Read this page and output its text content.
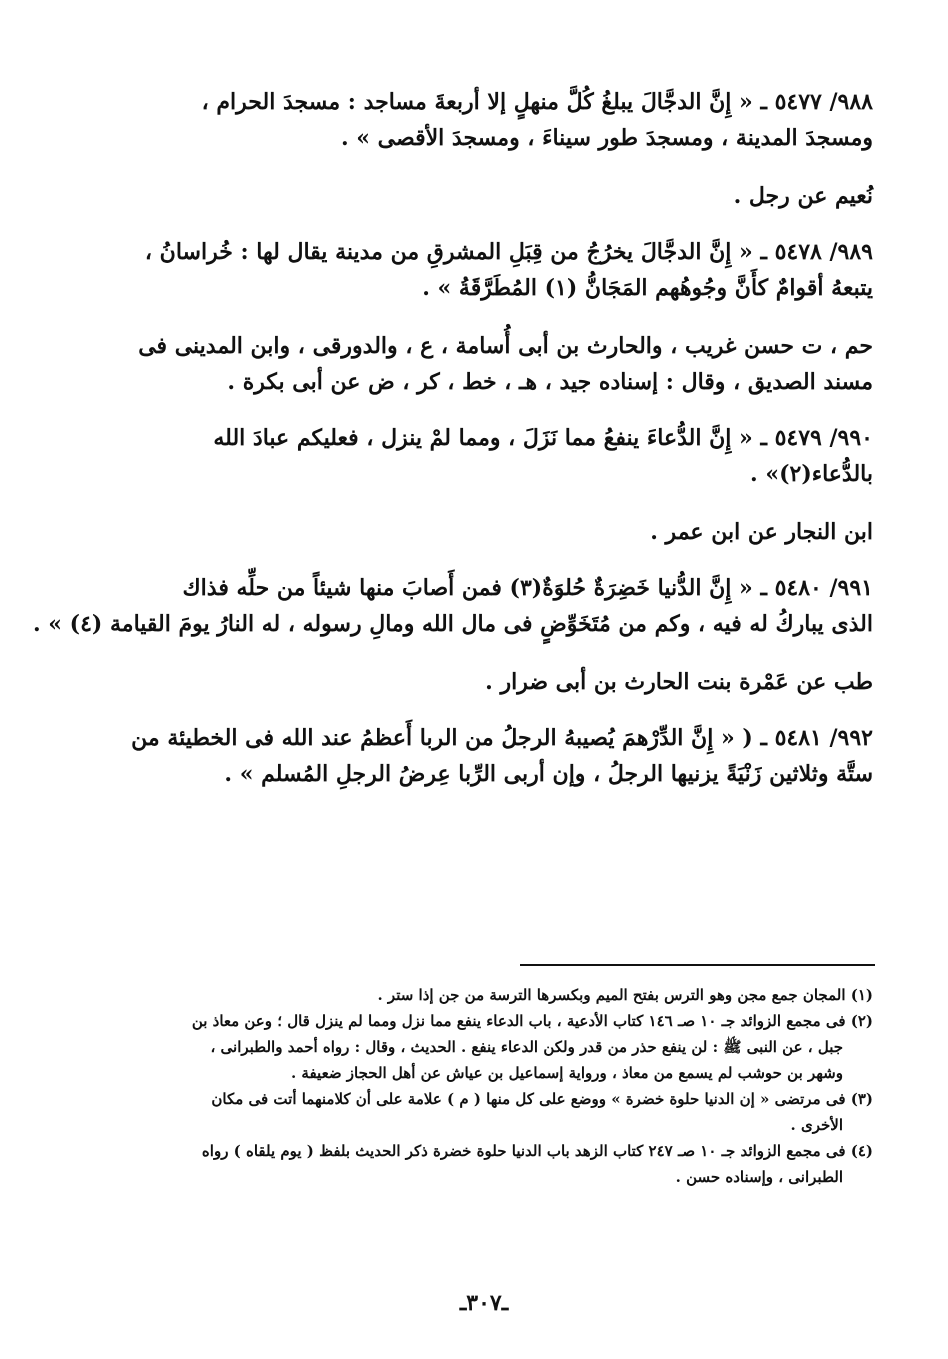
٩٨٨/ ٥٤٧٧ ـ « إِنَّ الدجَّالَ يبلغُ كُلَّ منهلٍ إلا أربعةَ مساجد : مسجدَ الحرام ،
ومسجدَ المدينة ، ومسجدَ طور سيناءَ ، ومسجدَ الأقصى » .

نُعيم عن رجل .

٩٨٩/ ٥٤٧٨ ـ « إِنَّ الدجَّالَ يخرُجُ من قِبَلِ المشرقِ من مدينة يقال لها : خُراسانُ ،
يتبعهُ أقوامٌ كأَنَّ وجُوهُهم المَجَانُّ (١) المُطَرَّقَةُ » .

حم ، ت حسن غريب ، والحارث بن أبى أُسامة ، ع ، والدورقى ، وابن المدينى فى
مسند الصديق ، وقال : إسناده جيد ، هـ ، خط ، كر ، ض عن أبى بكرة .

٩٩٠/ ٥٤٧٩ ـ « إِنَّ الدُّعاءَ ينفعُ مما نَزَلَ ، ومما لمْ ينزل ، فعليكم عبادَ الله
بالدُّعاء(٢)» .

ابن النجار عن ابن عمر .

٩٩١/ ٥٤٨٠ ـ « إِنَّ الدُّنيا خَضِرَةٌ حُلوَةٌ(٣) فمن أَصابَ منها شيئاً من حلِّه فذاك
الذى يباركُ له فيه ، وكم من مُتَخَوِّضٍ فى مال الله ومالِ رسوله ، له النارُ يومَ القيامة (٤) » .

طب عن عَمْرة بنت الحارث بن أبى ضرار .

٩٩٢/ ٥٤٨١ ـ ( « إِنَّ الدِّرْهمَ يُصيبهُ الرجلُ من الربا أَعظمُ عند الله فى الخطيئة من
ستَّة وثلاثين زَنْيَةً يزنيها الرجلُ ، وإن أربى الرِّبا عِرضُ الرجلِ المُسلم » .

(١) المجان جمع مجن وهو الترس بفتح الميم وبكسرها الترسة من جن إذا ستر .

(٢) فى مجمع الزوائد جـ ١٠ صـ ١٤٦ كتاب الأدعية ، باب الدعاء ينفع مما نزل ومما لم ينزل قال ؛ وعن معاذ بن
جبل ، عن النبى ﷺ : لن ينفع حذر من قدر ولكن الدعاء ينفع . الحديث ، وقال : رواه أحمد والطبرانى ،
وشهر بن حوشب لم يسمع من معاذ ، ورواية إسماعيل بن عياش عن أهل الحجاز ضعيفة .

(٣) فى مرتضى « إن الدنيا حلوة خضرة » ووضع على كل منها ( م ) علامة على أن كلامنهما أتت فى مكان
الأخرى .

(٤) فى مجمع الزوائد جـ ١٠ صـ ٢٤٧ كتاب الزهد باب الدنيا حلوة خضرة ذكر الحديث بلفظ ( يوم يلقاه ) رواه
الطبرانى ، وإسناده حسن .

ـ٣٠٧ـ
